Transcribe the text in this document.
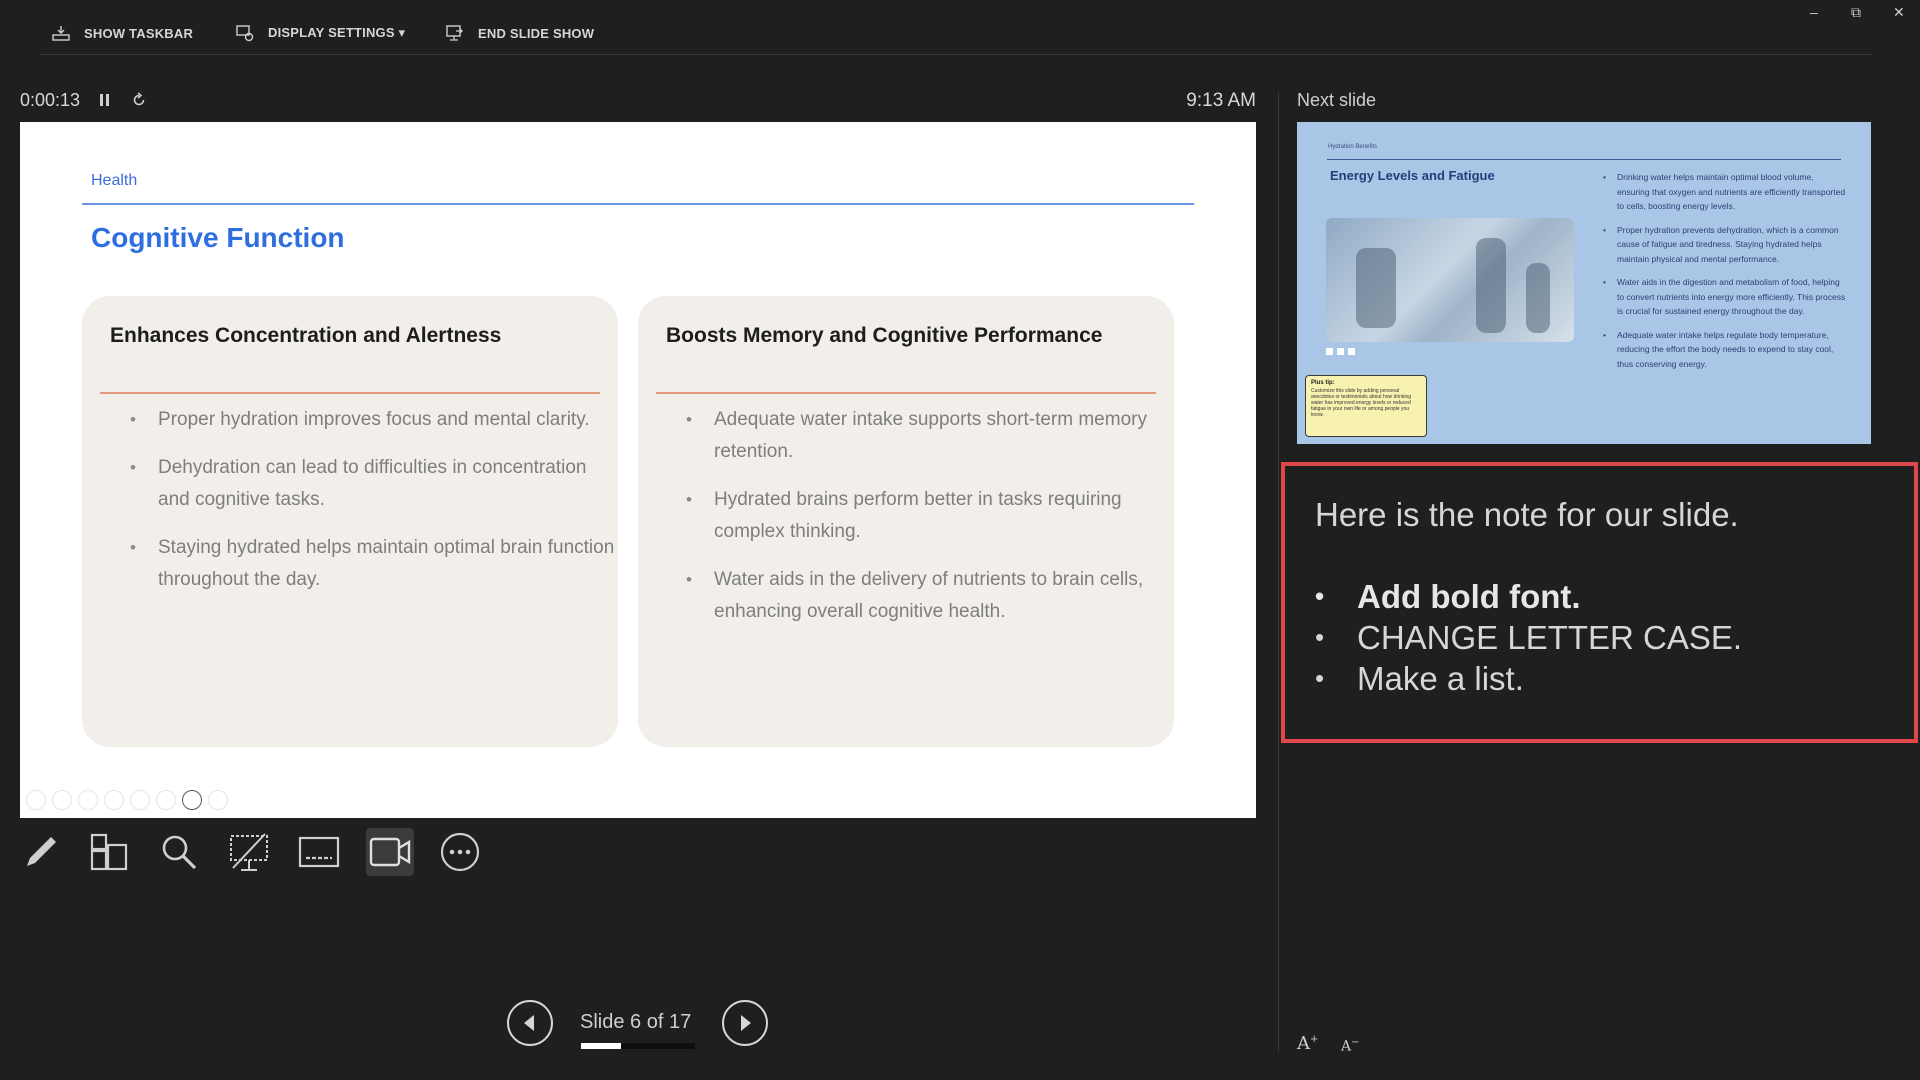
SHOW TASKBAR	DISPLAY SETTINGS ▾	END SLIDE SHOW
– ⧉ ✕
0:00:13	9:13 AM
Health
Cognitive Function
Enhances Concentration and Alertness
• Proper hydration improves focus and mental clarity.
• Dehydration can lead to difficulties in concentration and cognitive tasks.
• Staying hydrated helps maintain optimal brain function throughout the day.
Boosts Memory and Cognitive Performance
• Adequate water intake supports short-term memory retention.
• Hydrated brains perform better in tasks requiring complex thinking.
• Water aids in the delivery of nutrients to brain cells, enhancing overall cognitive health.
Slide 6 of 17
Next slide
Hydration Benefits
Energy Levels and Fatigue
Plus tip:

Customize this slide by adding personal anecdotes or testimonials about how drinking water has improved energy levels or reduced fatigue in your own life or among people you know.

• Drinking water helps maintain optimal blood volume, ensuring that oxygen and nutrients are efficiently transported to cells, boosting energy levels.
• Proper hydration prevents dehydration, which is a common cause of fatigue and tiredness. Staying hydrated helps maintain physical and mental performance.
• Water aids in the digestion and metabolism of food, helping to convert nutrients into energy more efficiently. This process is crucial for sustained energy throughout the day.
• Adequate water intake helps regulate body temperature, reducing the effort the body needs to expend to stay cool, thus conserving energy.
Here is the note for our slide.
• Add bold font.
• CHANGE LETTER CASE.
• Make a list.
A+ A−
